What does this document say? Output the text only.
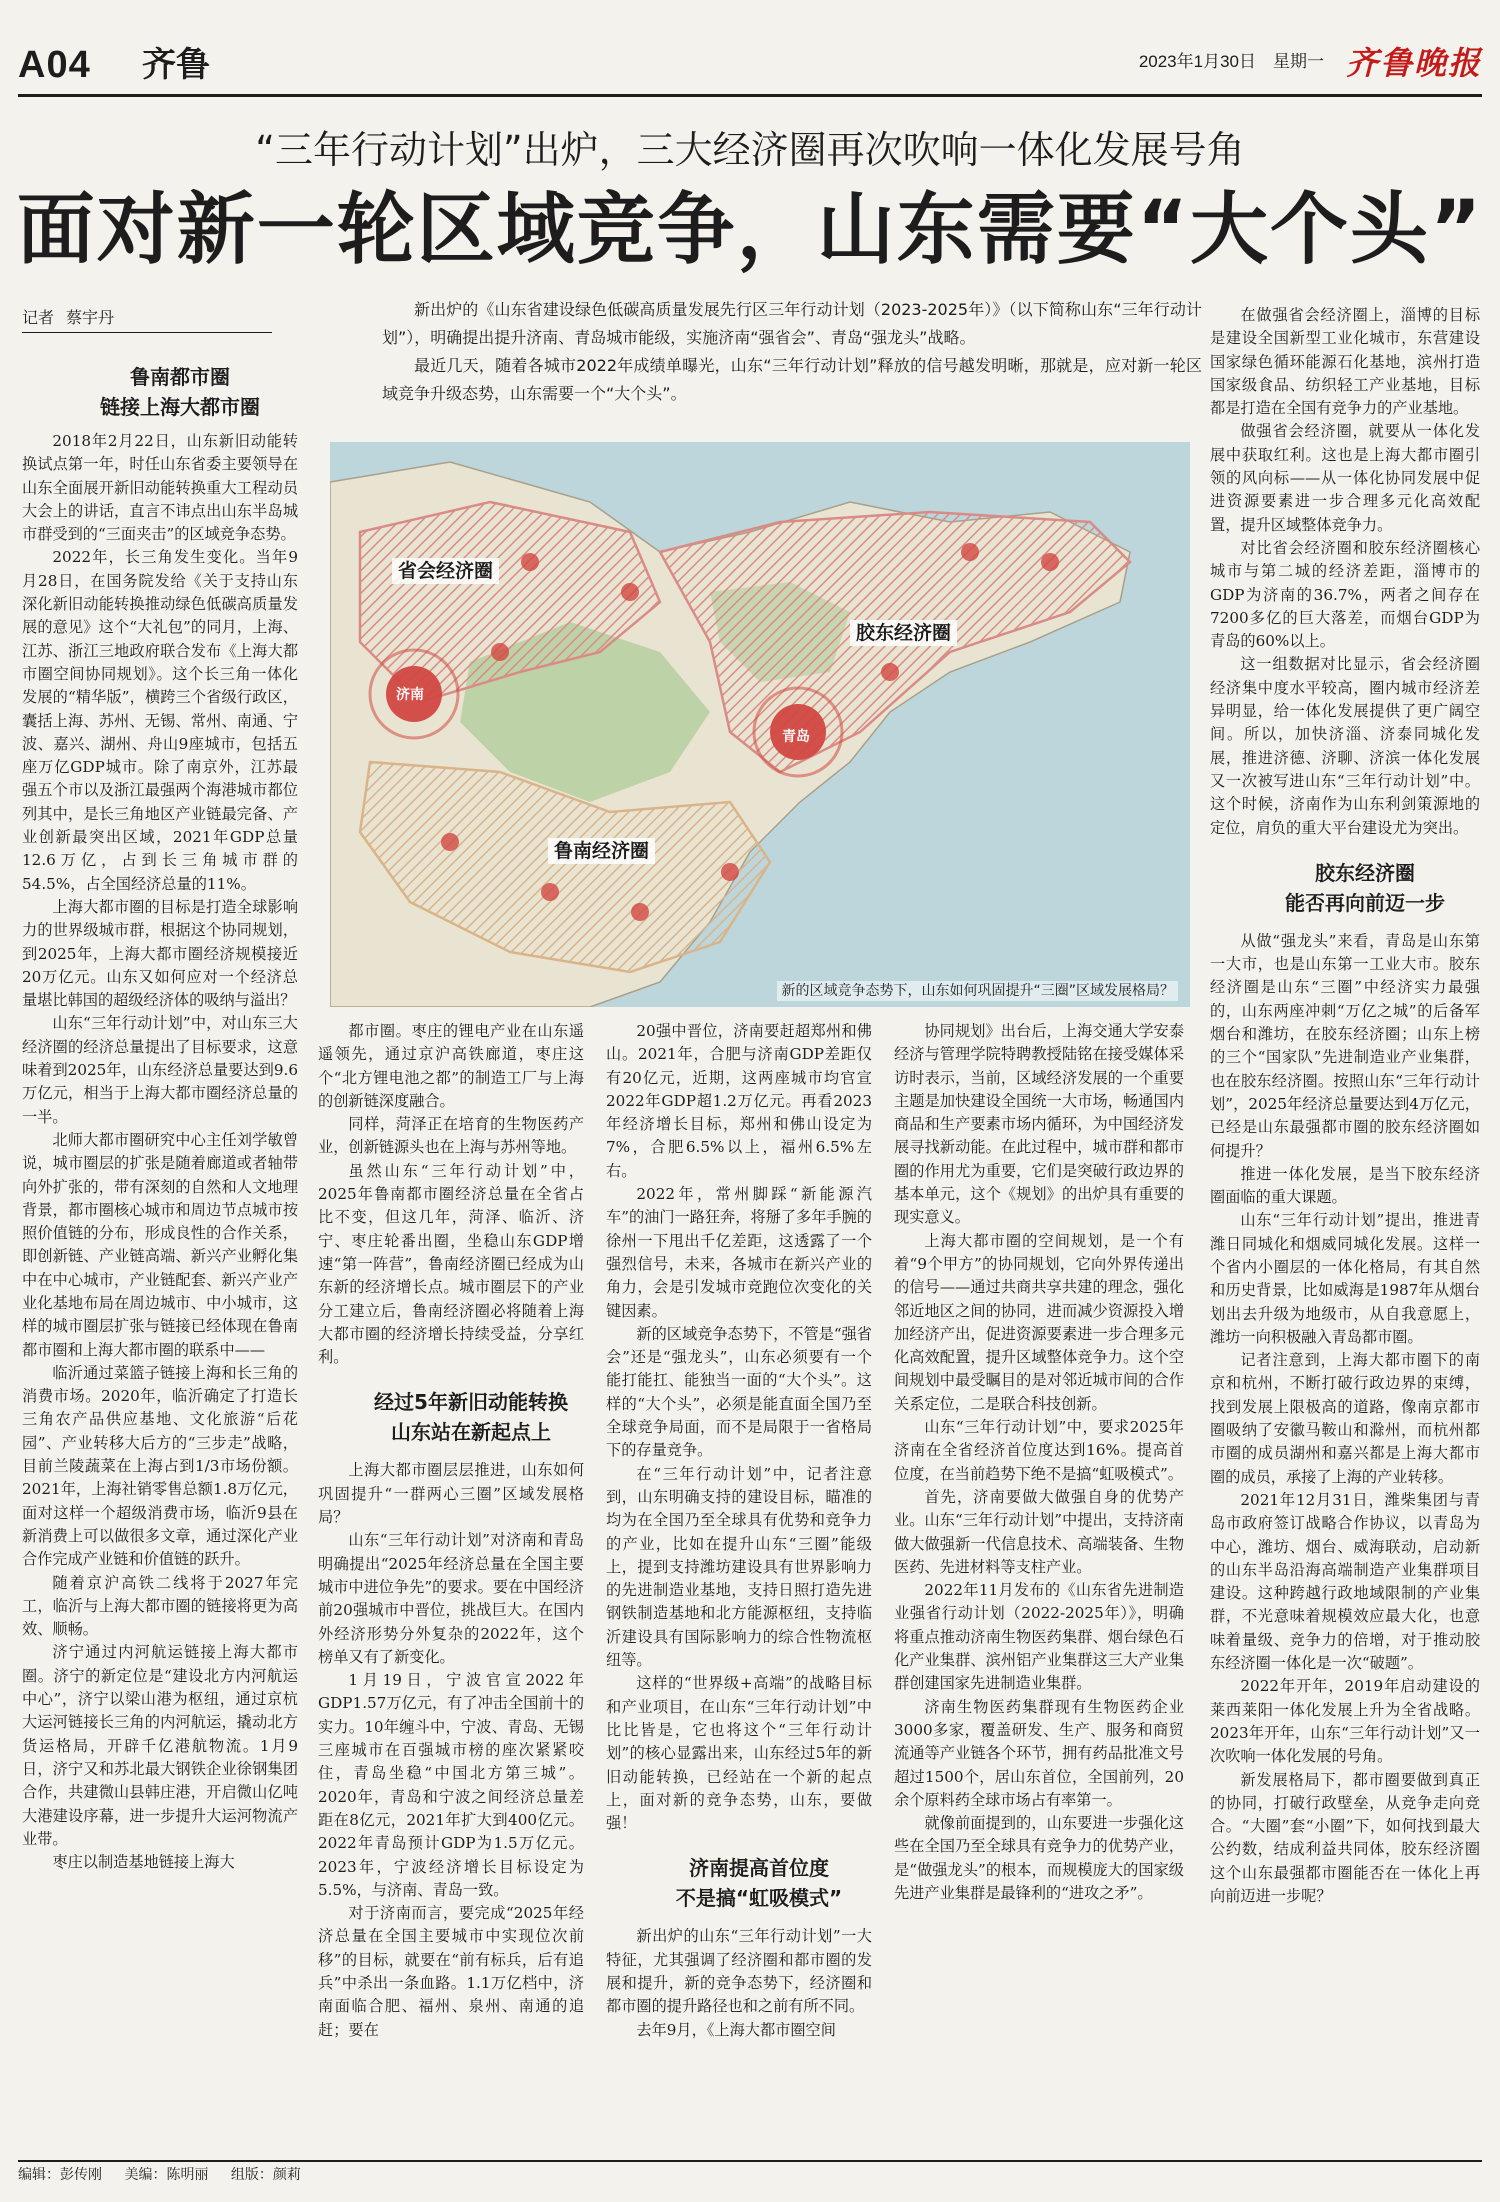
A04 齐鲁	2023年1月30日 星期一 齐鲁晚报
“三年行动计划”出炉，三大经济圈再次吹响一体化发展号角
面对新一轮区域竞争，山东需要“大个头”
记者 蔡宇丹	新出炉的《山东省建设绿色低碳高质量发展先行区三年行动计划（2023-2025年）》（以下简称山东“三年行动计划”），明确提出提升济南、青岛城市能级，实施济南“强省会”、青岛“强龙头”战略。

最近几天，随着各城市2022年成绩单曝光，山东“三年行动计划”释放的信号越发明晰，那就是，应对新一轮区域竞争升级态势，山东需要一个“大个头”。

鲁南都市圈

链接上海大都市圈

2018年2月22日，山东新旧动能转换试点第一年，时任山东省委主要领导在山东全面展开新旧动能转换重大工程动员大会上的讲话，直言不讳点出山东半岛城市群受到的“三面夹击”的区域竞争态势。

2022年，长三角发生变化。当年9月28日，在国务院发给《关于支持山东深化新旧动能转换推动绿色低碳高质量发展的意见》这个“大礼包”的同月，上海、江苏、浙江三地政府联合发布《上海大都市圈空间协同规划》。这个长三角一体化发展的“精华版”，横跨三个省级行政区，囊括上海、苏州、无锡、常州、南通、宁波、嘉兴、湖州、舟山9座城市，包括五座万亿GDP城市。除了南京外，江苏最强五个市以及浙江最强两个海港城市都位列其中，是长三角地区产业链最完备、产业创新最突出区域，2021年GDP总量12.6万亿，占到长三角城市群的54.5%，占全国经济总量的11%。

上海大都市圈的目标是打造全球影响力的世界级城市群，根据这个协同规划，到2025年，上海大都市圈经济规模接近20万亿元。山东又如何应对一个经济总量堪比韩国的超级经济体的吸纳与溢出？

山东“三年行动计划”中，对山东三大经济圈的经济总量提出了目标要求，这意味着到2025年，山东经济总量要达到9.6万亿元，相当于上海大都市圈经济总量的一半。

北师大都市圈研究中心主任刘学敏曾说，城市圈层的扩张是随着廊道或者轴带向外扩张的，带有深刻的自然和人文地理背景，都市圈核心城市和周边节点城市按照价值链的分布，形成良性的合作关系，即创新链、产业链高端、新兴产业孵化集中在中心城市，产业链配套、新兴产业产业化基地布局在周边城市、中小城市，这样的城市圈层扩张与链接已经体现在鲁南都市圈和上海大都市圈的联系中——

临沂通过菜篮子链接上海和长三角的消费市场。2020年，临沂确定了打造长三角农产品供应基地、文化旅游“后花园”、产业转移大后方的“三步走”战略，目前兰陵蔬菜在上海占到1/3市场份额。2021年，上海社销零售总额1.8万亿元，面对这样一个超级消费市场，临沂9县在新消费上可以做很多文章，通过深化产业合作完成产业链和价值链的跃升。

随着京沪高铁二线将于2027年完工，临沂与上海大都市圈的链接将更为高效、顺畅。

济宁通过内河航运链接上海大都市圈。济宁的新定位是“建设北方内河航运中心”，济宁以梁山港为枢纽，通过京杭大运河链接长三角的内河航运，撬动北方货运格局，开辟千亿港航物流。1月9日，济宁又和苏北最大钢铁企业徐钢集团合作，共建微山县韩庄港，开启微山亿吨大港建设序幕，进一步提升大运河物流产业带。

枣庄以制造基地链接上海大

省会经济圈
胶东经济圈
鲁南经济圈
济南
青岛
新的区域竞争态势下，山东如何巩固提升“三圈”区域发展格局？

都市圈。枣庄的锂电产业在山东遥遥领先，通过京沪高铁廊道，枣庄这个“北方锂电池之都”的制造工厂与上海的创新链深度融合。

同样，菏泽正在培育的生物医药产业，创新链源头也在上海与苏州等地。

虽然山东“三年行动计划”中，2025年鲁南都市圈经济总量在全省占比不变，但这几年，菏泽、临沂、济宁、枣庄轮番出圈，坐稳山东GDP增速“第一阵营”，鲁南经济圈已经成为山东新的经济增长点。城市圈层下的产业分工建立后，鲁南经济圈必将随着上海大都市圈的经济增长持续受益，分享红利。

经过5年新旧动能转换

山东站在新起点上

上海大都市圈层层推进，山东如何巩固提升“一群两心三圈”区域发展格局？

山东“三年行动计划”对济南和青岛明确提出“2025年经济总量在全国主要城市中进位争先”的要求。要在中国经济前20强城市中晋位，挑战巨大。在国内外经济形势分外复杂的2022年，这个榜单又有了新变化。

1月19日，宁波官宣2022年GDP1.57万亿元，有了冲击全国前十的实力。10年缠斗中，宁波、青岛、无锡三座城市在百强城市榜的座次紧紧咬住，青岛坐稳“中国北方第三城”。2020年，青岛和宁波之间经济总量差距在8亿元，2021年扩大到400亿元。2022年青岛预计GDP为1.5万亿元。2023年，宁波经济增长目标设定为5.5%，与济南、青岛一致。

对于济南而言，要完成“2025年经济总量在全国主要城市中实现位次前移”的目标，就要在“前有标兵，后有追兵”中杀出一条血路。1.1万亿档中，济南面临合肥、福州、泉州、南通的追赶；要在

20强中晋位，济南要赶超郑州和佛山。2021年，合肥与济南GDP差距仅有20亿元，近期，这两座城市均官宣2022年GDP超1.2万亿元。再看2023年经济增长目标，郑州和佛山设定为7%，合肥6.5%以上，福州6.5%左右。

2022年，常州脚踩“新能源汽车”的油门一路狂奔，将掰了多年手腕的徐州一下甩出千亿差距，这透露了一个强烈信号，未来，各城市在新兴产业的角力，会是引发城市竞跑位次变化的关键因素。

新的区域竞争态势下，不管是“强省会”还是“强龙头”，山东必须要有一个能打能扛、能独当一面的“大个头”。这样的“大个头”，必须是能直面全国乃至全球竞争局面，而不是局限于一省格局下的存量竞争。

在“三年行动计划”中，记者注意到，山东明确支持的建设目标，瞄准的均为在全国乃至全球具有优势和竞争力的产业，比如在提升山东“三圈”能级上，提到支持潍坊建设具有世界影响力的先进制造业基地，支持日照打造先进钢铁制造基地和北方能源枢纽，支持临沂建设具有国际影响力的综合性物流枢纽等。

这样的“世界级+高端”的战略目标和产业项目，在山东“三年行动计划”中比比皆是，它也将这个“三年行动计划”的核心显露出来，山东经过5年的新旧动能转换，已经站在一个新的起点上，面对新的竞争态势，山东，要做强！

济南提高首位度

不是搞“虹吸模式”

新出炉的山东“三年行动计划”一大特征，尤其强调了经济圈和都市圈的发展和提升，新的竞争态势下，经济圈和都市圈的提升路径也和之前有所不同。

去年9月，《上海大都市圈空间

协同规划》出台后，上海交通大学安泰经济与管理学院特聘教授陆铭在接受媒体采访时表示，当前，区域经济发展的一个重要主题是加快建设全国统一大市场，畅通国内商品和生产要素市场内循环，为中国经济发展寻找新动能。在此过程中，城市群和都市圈的作用尤为重要，它们是突破行政边界的基本单元，这个《规划》的出炉具有重要的现实意义。

上海大都市圈的空间规划，是一个有着“9个甲方”的协同规划，它向外界传递出的信号——通过共商共享共建的理念，强化邻近地区之间的协同，进而减少资源投入增加经济产出，促进资源要素进一步合理多元化高效配置，提升区域整体竞争力。这个空间规划中最受瞩目的是对邻近城市间的合作关系定位，二是联合科技创新。

山东“三年行动计划”中，要求2025年济南在全省经济首位度达到16%。提高首位度，在当前趋势下绝不是搞“虹吸模式”。

首先，济南要做大做强自身的优势产业。山东“三年行动计划”中提出，支持济南做大做强新一代信息技术、高端装备、生物医药、先进材料等支柱产业。

2022年11月发布的《山东省先进制造业强省行动计划（2022-2025年）》，明确将重点推动济南生物医药集群、烟台绿色石化产业集群、滨州铝产业集群这三大产业集群创建国家先进制造业集群。

济南生物医药集群现有生物医药企业3000多家，覆盖研发、生产、服务和商贸流通等产业链各个环节，拥有药品批准文号超过1500个，居山东首位，全国前列，20余个原料药全球市场占有率第一。

就像前面提到的，山东要进一步强化这些在全国乃至全球具有竞争力的优势产业，是“做强龙头”的根本，而规模庞大的国家级先进产业集群是最锋利的“进攻之矛”。

在做强省会经济圈上，淄博的目标是建设全国新型工业化城市，东营建设国家绿色循环能源石化基地，滨州打造国家级食品、纺织轻工产业基地，目标都是打造在全国有竞争力的产业基地。

做强省会经济圈，就要从一体化发展中获取红利。这也是上海大都市圈引领的风向标——从一体化协同发展中促进资源要素进一步合理多元化高效配置，提升区域整体竞争力。

对比省会经济圈和胶东经济圈核心城市与第二城的经济差距，淄博市的GDP为济南的36.7%，两者之间存在7200多亿的巨大落差，而烟台GDP为青岛的60%以上。

这一组数据对比显示，省会经济圈经济集中度水平较高，圈内城市经济差异明显，给一体化发展提供了更广阔空间。所以，加快济淄、济泰同城化发展，推进济德、济聊、济滨一体化发展又一次被写进山东“三年行动计划”中。这个时候，济南作为山东利剑策源地的定位，肩负的重大平台建设尤为突出。

胶东经济圈

能否再向前迈一步

从做“强龙头”来看，青岛是山东第一大市，也是山东第一工业大市。胶东经济圈是山东“三圈”中经济实力最强的，山东两座冲刺“万亿之城”的后备军烟台和潍坊，在胶东经济圈；山东上榜的三个“国家队”先进制造业产业集群，也在胶东经济圈。按照山东“三年行动计划”，2025年经济总量要达到4万亿元，已经是山东最强都市圈的胶东经济圈如何提升？

推进一体化发展，是当下胶东经济圈面临的重大课题。

山东“三年行动计划”提出，推进青潍日同城化和烟威同城化发展。这样一个省内小圈层的一体化格局，有其自然和历史背景，比如威海是1987年从烟台划出去升级为地级市，从自我意愿上，潍坊一向积极融入青岛都市圈。

记者注意到，上海大都市圈下的南京和杭州，不断打破行政边界的束缚，找到发展上限极高的道路，像南京都市圈吸纳了安徽马鞍山和滁州，而杭州都市圈的成员湖州和嘉兴都是上海大都市圈的成员，承接了上海的产业转移。

2021年12月31日，潍柴集团与青岛市政府签订战略合作协议，以青岛为中心，潍坊、烟台、威海联动，启动新的山东半岛沿海高端制造产业集群项目建设。这种跨越行政地域限制的产业集群，不光意味着规模效应最大化，也意味着量级、竞争力的倍增，对于推动胶东经济圈一体化是一次“破题”。

2022年开年，2019年启动建设的莱西莱阳一体化发展上升为全省战略。2023年开年，山东“三年行动计划”又一次吹响一体化发展的号角。

新发展格局下，都市圈要做到真正的协同，打破行政壁垒，从竞争走向竞合。“大圈”套“小圈”下，如何找到最大公约数，结成利益共同体，胶东经济圈这个山东最强都市圈能否在一体化上再向前迈进一步呢？

编辑：彭传刚 美编：陈明丽 组版：颜莉
